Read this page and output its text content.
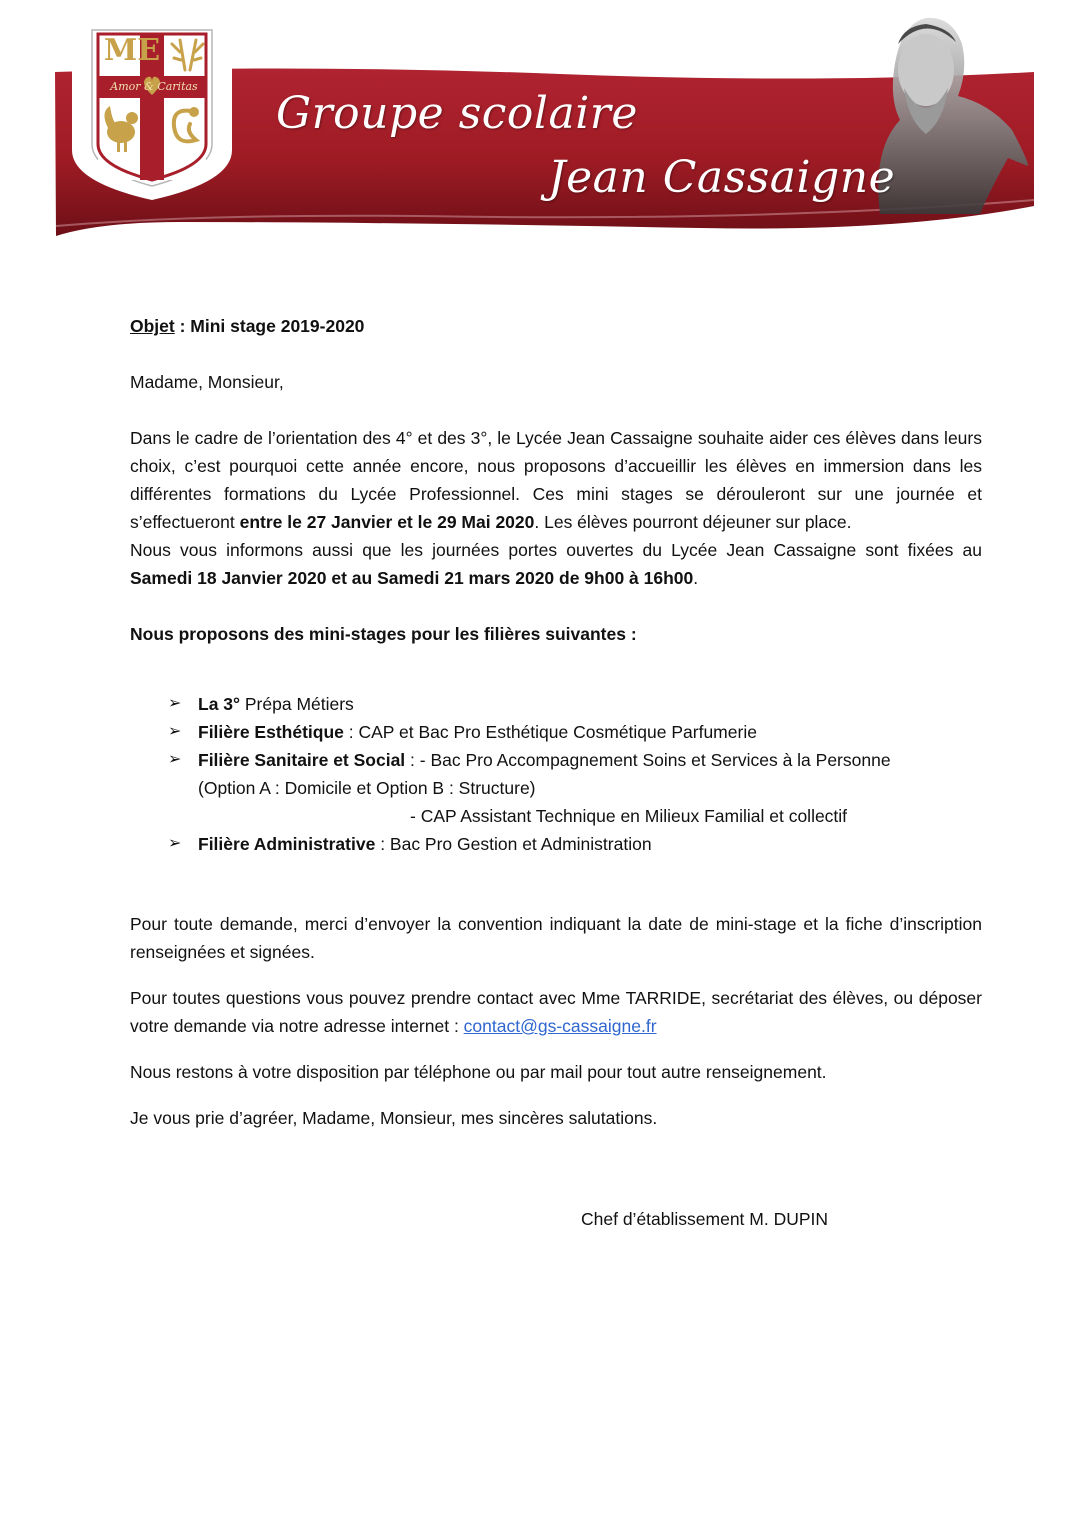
ME
Amor & Caritas
Groupe scolaire
Jean Cassaigne

Objet : Mini stage 2019-2020

Madame, Monsieur,

Dans le cadre de l’orientation des 4° et des 3°, le Lycée Jean Cassaigne souhaite aider ces élèves dans leurs choix, c’est pourquoi cette année encore, nous proposons d’accueillir les élèves en immersion dans les différentes formations du Lycée Professionnel. Ces mini stages se dérouleront sur une journée et s’effectueront entre le 27 Janvier et le 29 Mai 2020. Les élèves pourront déjeuner sur place.

Nous vous informons aussi que les journées portes ouvertes du Lycée Jean Cassaigne sont fixées au Samedi 18 Janvier 2020 et au Samedi 21 mars 2020 de 9h00 à 16h00.

Nous proposons des mini-stages pour les filières suivantes :

➢ La 3° Prépa Métiers
➢ Filière Esthétique : CAP et Bac Pro Esthétique Cosmétique Parfumerie
➢ Filière Sanitaire et Social : - Bac Pro Accompagnement Soins et Services à la Personne
(Option A : Domicile et Option B : Structure)
- CAP Assistant Technique en Milieux Familial et collectif
➢ Filière Administrative : Bac Pro Gestion et Administration

Pour toute demande, merci d’envoyer la convention indiquant la date de mini-stage et la fiche d’inscription renseignées et signées.

Pour toutes questions vous pouvez prendre contact avec Mme TARRIDE, secrétariat des élèves, ou déposer votre demande via notre adresse internet : contact@gs-cassaigne.fr

Nous restons à votre disposition par téléphone ou par mail pour tout autre renseignement.

Je vous prie d’agréer, Madame, Monsieur, mes sincères salutations.

Chef d’établissement M. DUPIN
